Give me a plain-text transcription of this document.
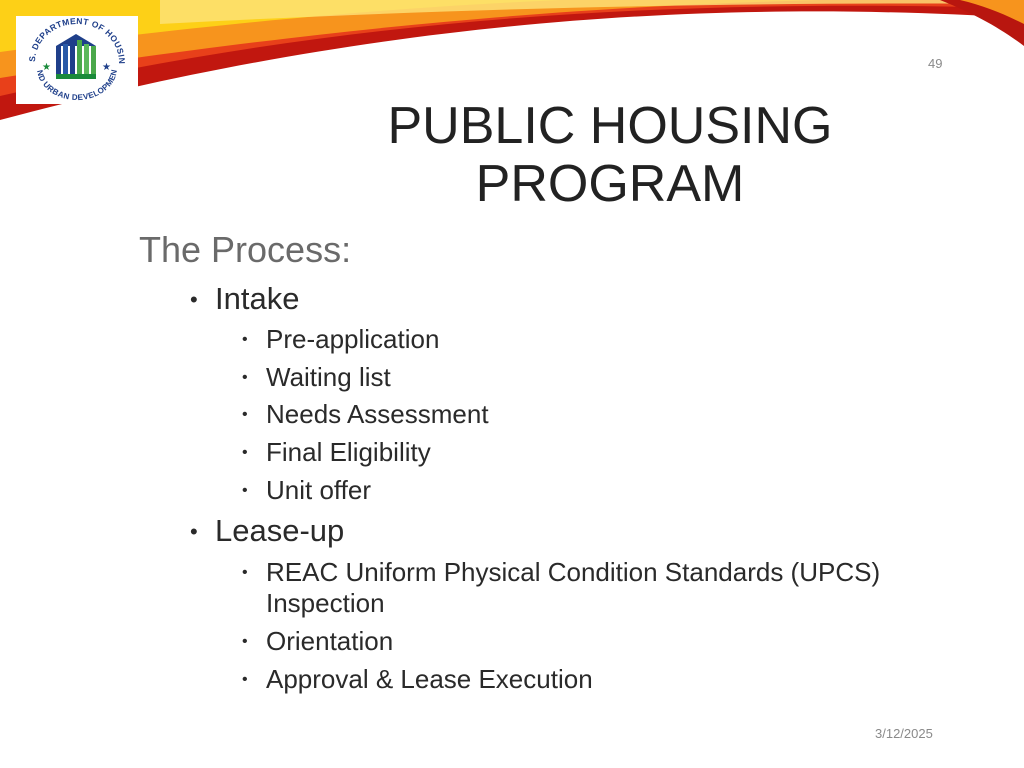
S. DEPARTMENT OF HOUSIN
ND URBAN DEVELOPMEN
★	★	49
PUBLIC HOUSING
PROGRAM
The Process:
• Intake
• Pre-application
• Waiting list
• Needs Assessment
• Final Eligibility
• Unit offer
• Lease-up
• REAC Uniform Physical Condition Standards (UPCS)
Inspection
• Orientation
• Approval & Lease Execution
3/12/2025
